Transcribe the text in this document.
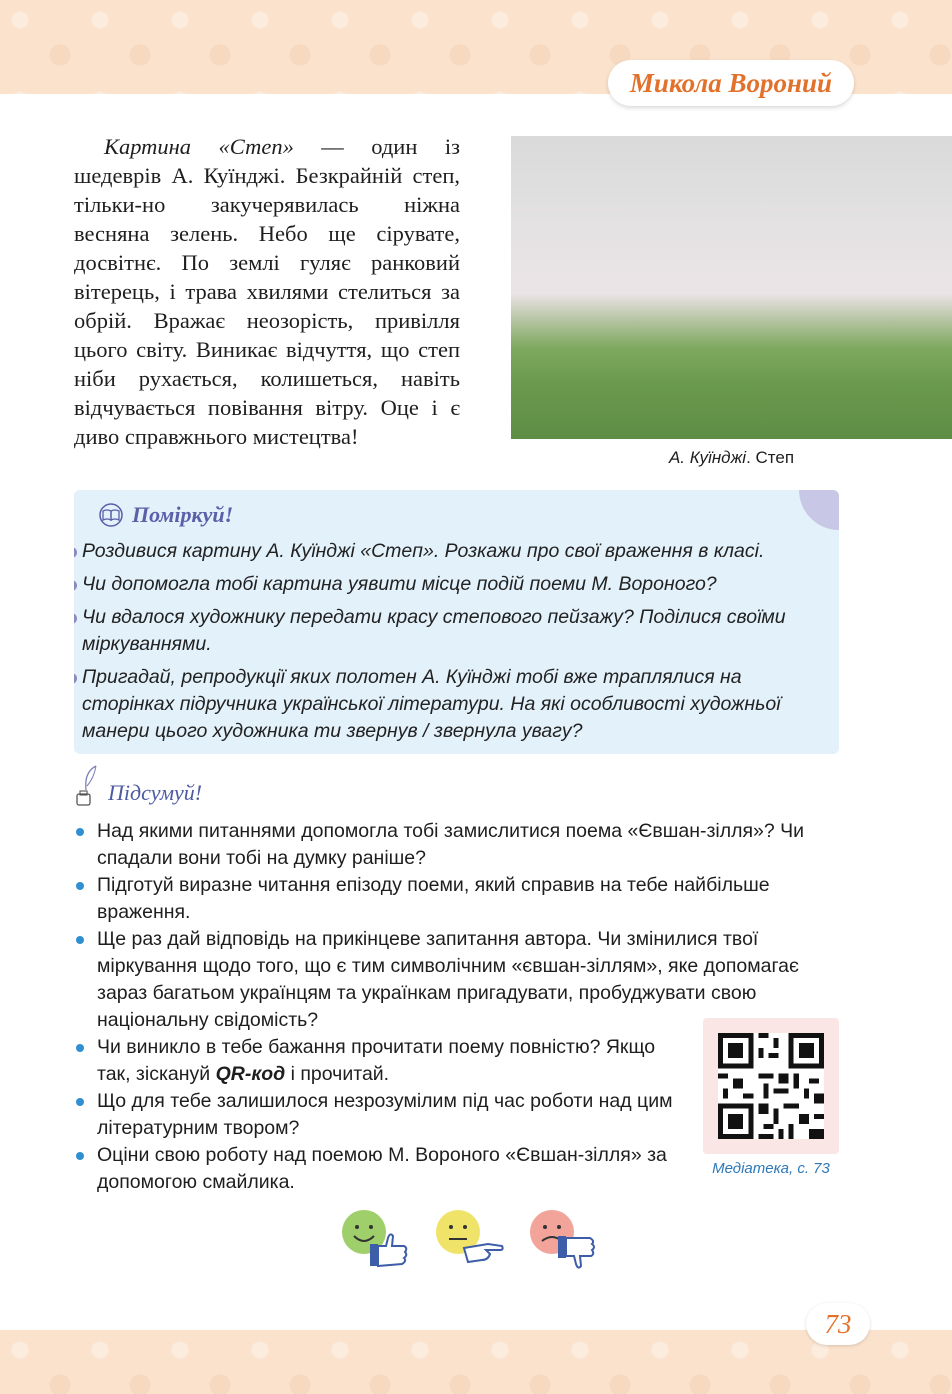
Микола Вороний

Картина «Степ» — один із шедеврів А. Куїнджі. Безкрайній степ, тільки-но закучерявилась ніжна весняна зелень. Небо ще сірувате, досвітнє. По землі гуляє ранковий вітерець, і трава хвилями стелиться за обрій. Вражає неозорість, привілля цього світу. Виникає відчуття, що степ ніби рухається, колишеться, навіть відчувається повівання вітру. Оце і є диво справжнього мистецтва!

А. Куїнджі. Степ
Поміркуй!
Роздивися картину А. Куїнджі «Степ». Розкажи про свої враження в класі.
Чи допомогла тобі картина уявити місце подій поеми М. Вороного?
Чи вдалося художнику передати красу степового пейзажу? Поділися своїми міркуваннями.
Пригадай, репродукції яких полотен А. Куїнджі тобі вже траплялися на сторінках підручника української літератури. На які особливості художньої манери цього художника ти звернув / звернула увагу?
Підсумуй!
Над якими питаннями допомогла тобі замислитися поема «Євшан-зілля»? Чи спадали вони тобі на думку раніше?
Підготуй виразне читання епізоду поеми, який справив на тебе найбільше враження.
Ще раз дай відповідь на прикінцеве запитання автора. Чи змінилися твої міркування щодо того, що є тим символічним «євшан-зіллям», яке допомагає зараз багатьом українцям та українкам пригадувати, пробуджувати свою національну свідомість?
Чи виникло в тебе бажання прочитати поему повністю? Якщо так, зіскануй QR-код і прочитай.
Що для тебе залишилося незрозумілим під час роботи над цим літературним твором?
Оціни свою роботу над поемою М. Вороного «Євшан-зілля» за допомогою смайлика.
Медіатека, с. 73
73
